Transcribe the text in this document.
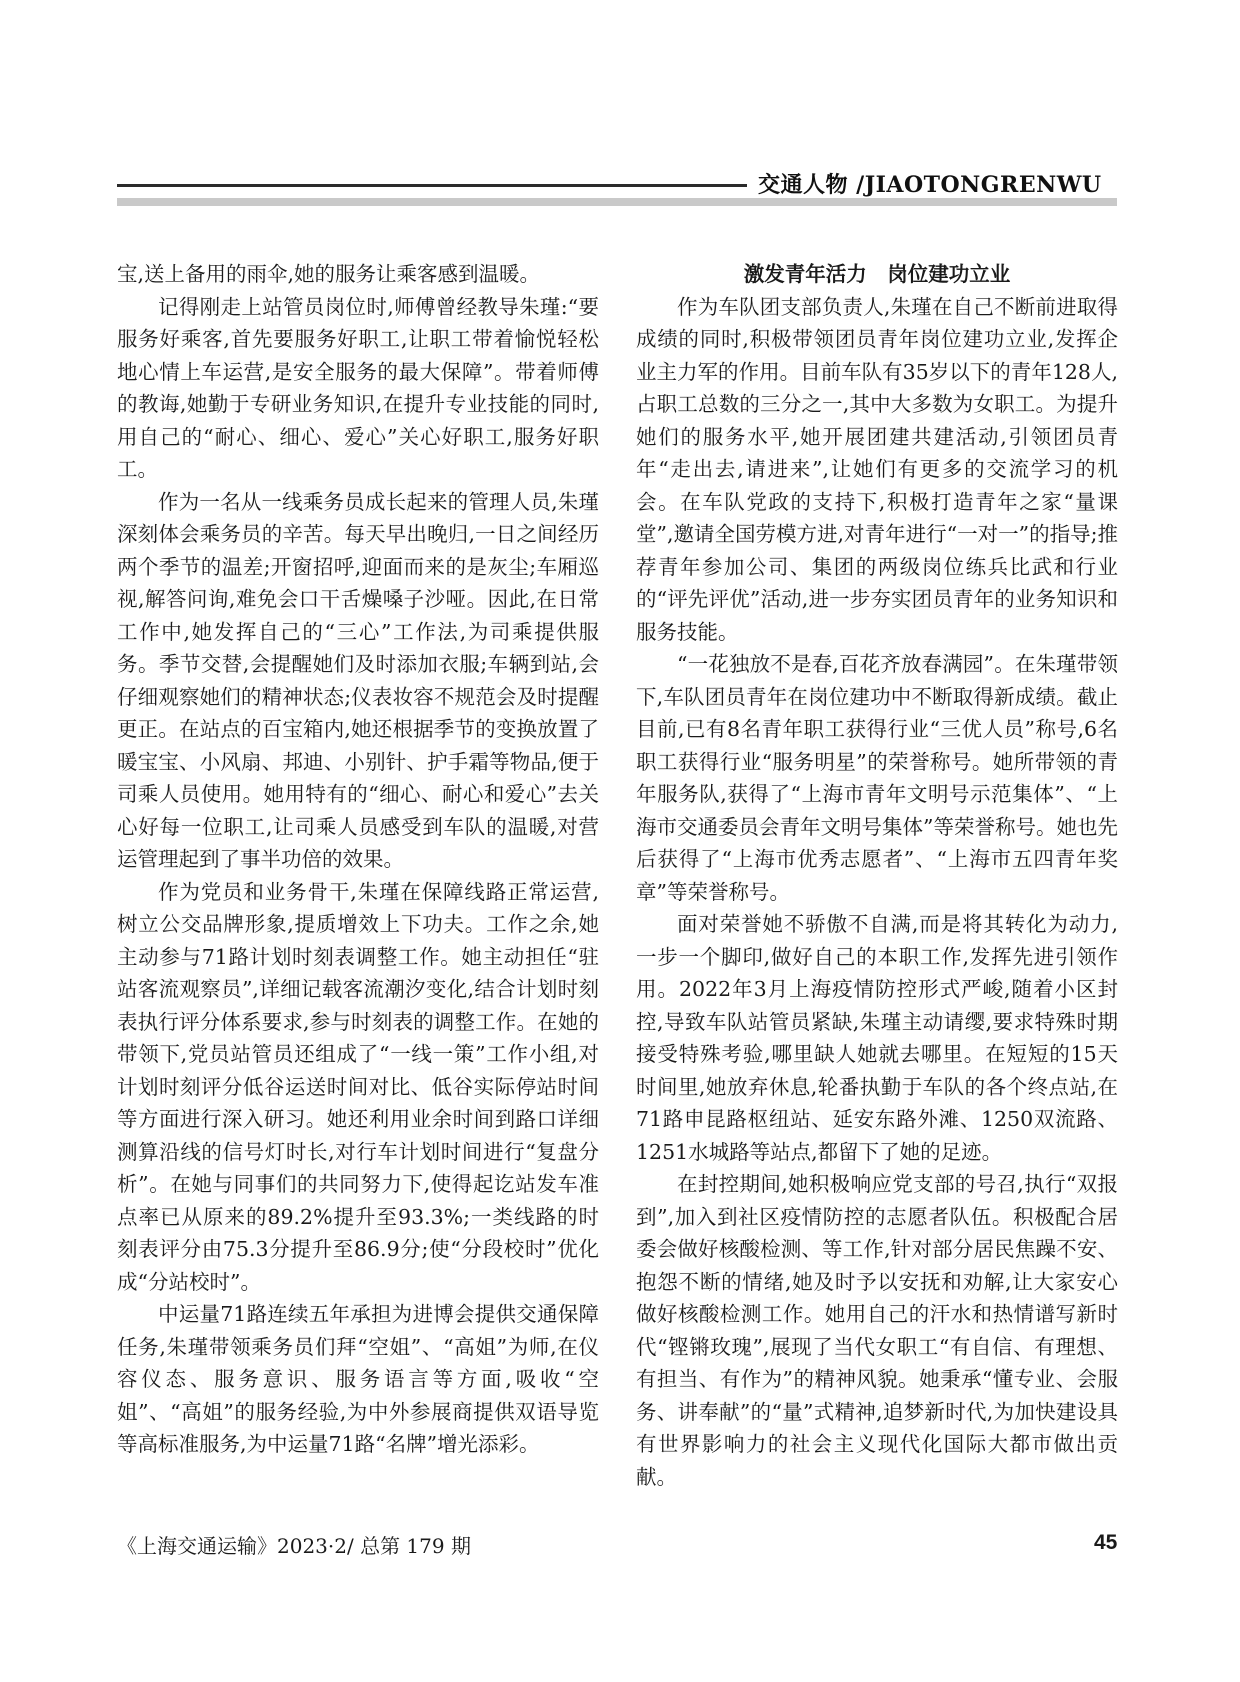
交通人物 /JIAOTONGRENWU

宝,送上备用的雨伞,她的服务让乘客感到温暖。

记得刚走上站管员岗位时,师傅曾经教导朱瑾:“要服务好乘客,首先要服务好职工,让职工带着愉悦轻松地心情上车运营,是安全服务的最大保障”。带着师傅的教诲,她勤于专研业务知识,在提升专业技能的同时,用自己的“耐心、细心、爱心”关心好职工,服务好职工。

作为一名从一线乘务员成长起来的管理人员,朱瑾深刻体会乘务员的辛苦。每天早出晚归,一日之间经历两个季节的温差;开窗招呼,迎面而来的是灰尘;车厢巡视,解答问询,难免会口干舌燥嗓子沙哑。因此,在日常工作中,她发挥自己的“三心”工作法,为司乘提供服务。季节交替,会提醒她们及时添加衣服;车辆到站,会仔细观察她们的精神状态;仪表妆容不规范会及时提醒更正。在站点的百宝箱内,她还根据季节的变换放置了暖宝宝、小风扇、邦迪、小别针、护手霜等物品,便于司乘人员使用。她用特有的“细心、耐心和爱心”去关心好每一位职工,让司乘人员感受到车队的温暖,对营运管理起到了事半功倍的效果。

作为党员和业务骨干,朱瑾在保障线路正常运营,树立公交品牌形象,提质增效上下功夫。工作之余,她主动参与71路计划时刻表调整工作。她主动担任“驻站客流观察员”,详细记载客流潮汐变化,结合计划时刻表执行评分体系要求,参与时刻表的调整工作。在她的带领下,党员站管员还组成了“一线一策”工作小组,对计划时刻评分低谷运送时间对比、低谷实际停站时间等方面进行深入研习。她还利用业余时间到路口详细测算沿线的信号灯时长,对行车计划时间进行“复盘分析”。在她与同事们的共同努力下,使得起讫站发车准点率已从原来的89.2%提升至93.3%;一类线路的时刻表评分由75.3分提升至86.9分;使“分段校时”优化成“分站校时”。

中运量71路连续五年承担为进博会提供交通保障任务,朱瑾带领乘务员们拜“空姐”、“高姐”为师,在仪容仪态、服务意识、服务语言等方面,吸收“空姐”、“高姐”的服务经验,为中外参展商提供双语导览等高标准服务,为中运量71路“名牌”增光添彩。

激发青年活力　岗位建功立业

作为车队团支部负责人,朱瑾在自己不断前进取得成绩的同时,积极带领团员青年岗位建功立业,发挥企业主力军的作用。目前车队有35岁以下的青年128人,占职工总数的三分之一,其中大多数为女职工。为提升她们的服务水平,她开展团建共建活动,引领团员青年“走出去,请进来”,让她们有更多的交流学习的机会。在车队党政的支持下,积极打造青年之家“量课堂”,邀请全国劳模方进,对青年进行“一对一”的指导;推荐青年参加公司、集团的两级岗位练兵比武和行业的“评先评优”活动,进一步夯实团员青年的业务知识和服务技能。

“一花独放不是春,百花齐放春满园”。在朱瑾带领下,车队团员青年在岗位建功中不断取得新成绩。截止目前,已有8名青年职工获得行业“三优人员”称号,6名职工获得行业“服务明星”的荣誉称号。她所带领的青年服务队,获得了“上海市青年文明号示范集体”、“上海市交通委员会青年文明号集体”等荣誉称号。她也先后获得了“上海市优秀志愿者”、“上海市五四青年奖章”等荣誉称号。

面对荣誉她不骄傲不自满,而是将其转化为动力,一步一个脚印,做好自己的本职工作,发挥先进引领作用。2022年3月上海疫情防控形式严峻,随着小区封控,导致车队站管员紧缺,朱瑾主动请缨,要求特殊时期接受特殊考验,哪里缺人她就去哪里。在短短的15天时间里,她放弃休息,轮番执勤于车队的各个终点站,在71路申昆路枢纽站、延安东路外滩、1250双流路、1251水城路等站点,都留下了她的足迹。

在封控期间,她积极响应党支部的号召,执行“双报到”,加入到社区疫情防控的志愿者队伍。积极配合居委会做好核酸检测、等工作,针对部分居民焦躁不安、抱怨不断的情绪,她及时予以安抚和劝解,让大家安心做好核酸检测工作。她用自己的汗水和热情谱写新时代“铿锵玫瑰”,展现了当代女职工“有自信、有理想、有担当、有作为”的精神风貌。她秉承“懂专业、会服务、讲奉献”的“量”式精神,追梦新时代,为加快建设具有世界影响力的社会主义现代化国际大都市做出贡献。

《上海交通运输》2023·2/ 总第 179 期	45
